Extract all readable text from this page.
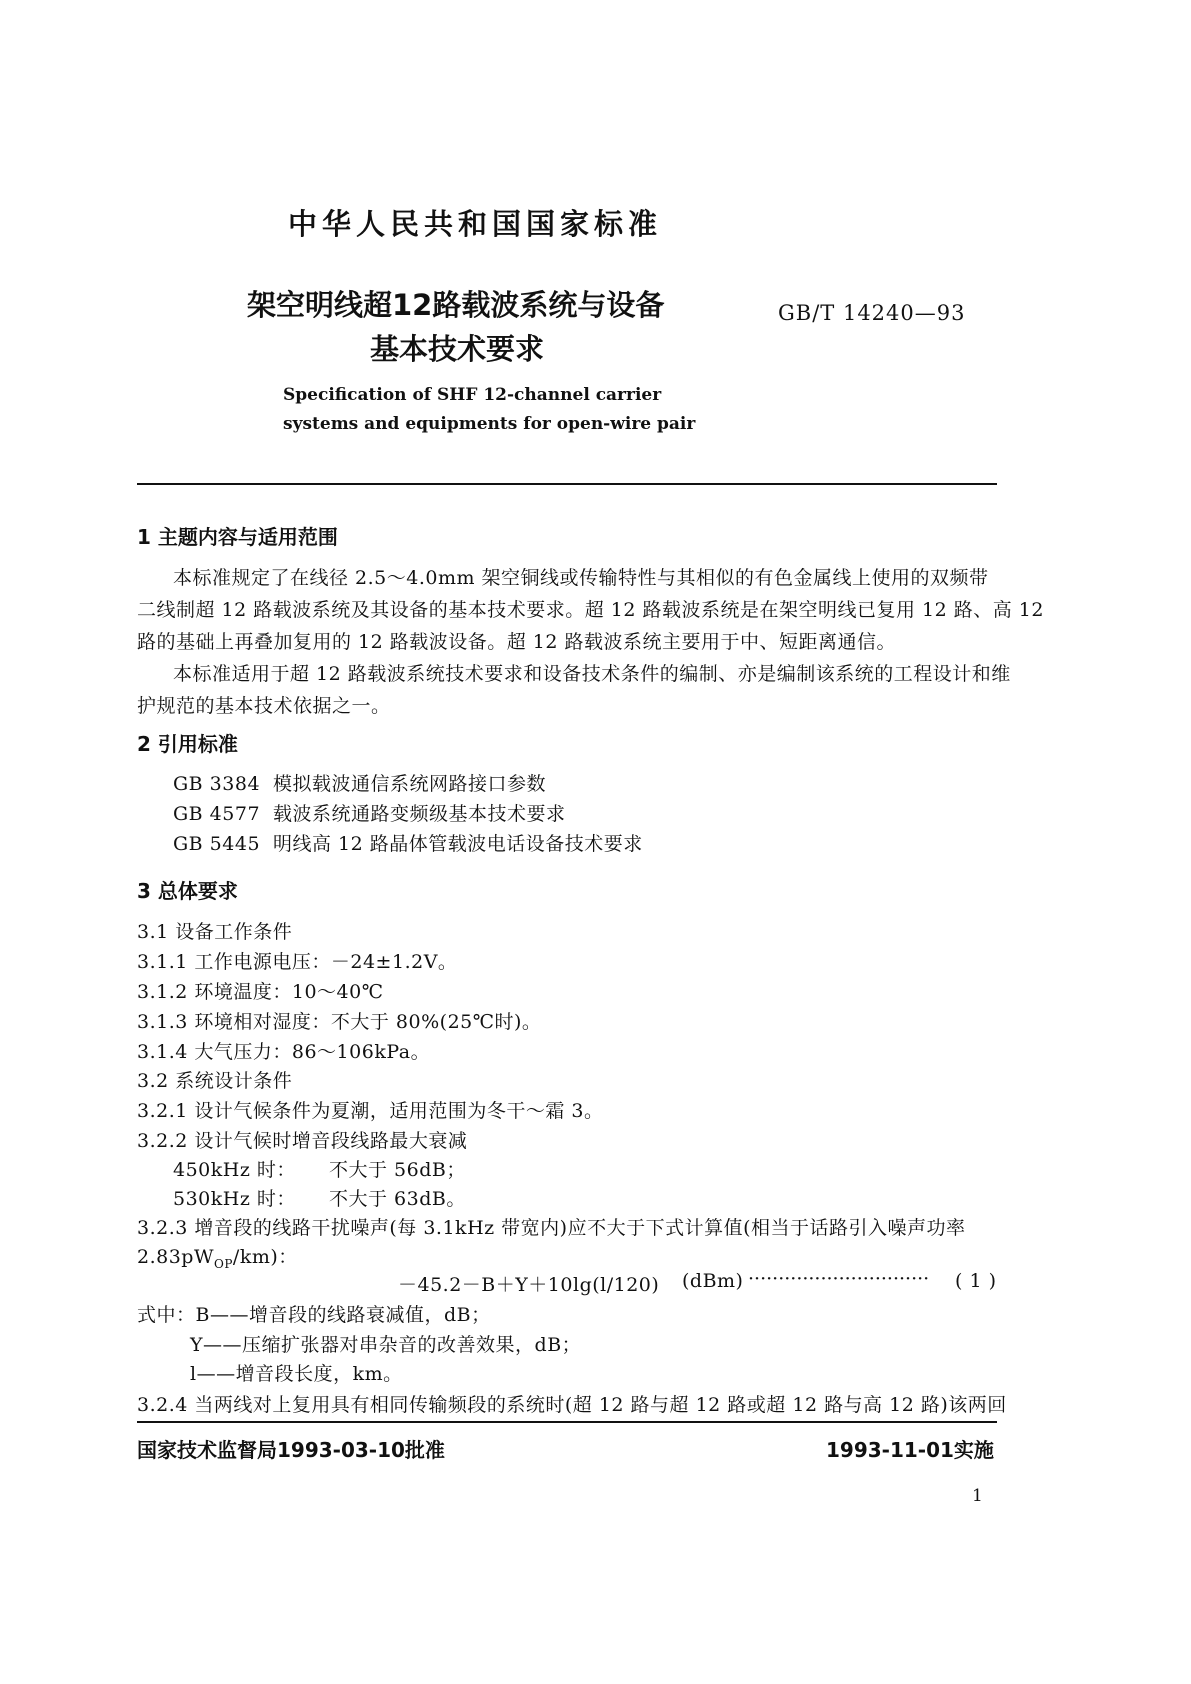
中华人民共和国国家标准
架空明线超12路载波系统与设备
基本技术要求
GB/T 14240—93
Specification of SHF 12-channel carrier
systems and equipments for open-wire pair
1 主题内容与适用范围
本标准规定了在线径 2.5～4.0mm 架空铜线或传输特性与其相似的有色金属线上使用的双频带
二线制超 12 路载波系统及其设备的基本技术要求。超 12 路载波系统是在架空明线已复用 12 路、高 12
路的基础上再叠加复用的 12 路载波设备。超 12 路载波系统主要用于中、短距离通信。
本标准适用于超 12 路载波系统技术要求和设备技术条件的编制、亦是编制该系统的工程设计和维
护规范的基本技术依据之一。
2 引用标准
GB 3384 模拟载波通信系统网路接口参数
GB 4577 载波系统通路变频级基本技术要求
GB 5445 明线高 12 路晶体管载波电话设备技术要求
3 总体要求
3.1 设备工作条件
3.1.1 工作电源电压：－24±1.2V。
3.1.2 环境温度：10～40℃
3.1.3 环境相对湿度：不大于 80%(25℃时)。
3.1.4 大气压力：86～106kPa。
3.2 系统设计条件
3.2.1 设计气候条件为夏潮，适用范围为冬干～霜 3。
3.2.2 设计气候时增音段线路最大衰减
450kHz 时： 不大于 56dB；
530kHz 时： 不大于 63dB。
3.2.3 增音段的线路干扰噪声(每 3.1kHz 带宽内)应不大于下式计算值(相当于话路引入噪声功率
$2.83pW_{OP}/km$)：
－45.2－B＋Y＋10lg(l/120) (dBm) ······························ ( 1 )
式中：B——增音段的线路衰减值，dB；
Y——压缩扩张器对串杂音的改善效果，dB；
l——增音段长度，km。
3.2.4 当两线对上复用具有相同传输频段的系统时(超 12 路与超 12 路或超 12 路与高 12 路)该两回
国家技术监督局1993-03-10批准	1993-11-01实施
1
